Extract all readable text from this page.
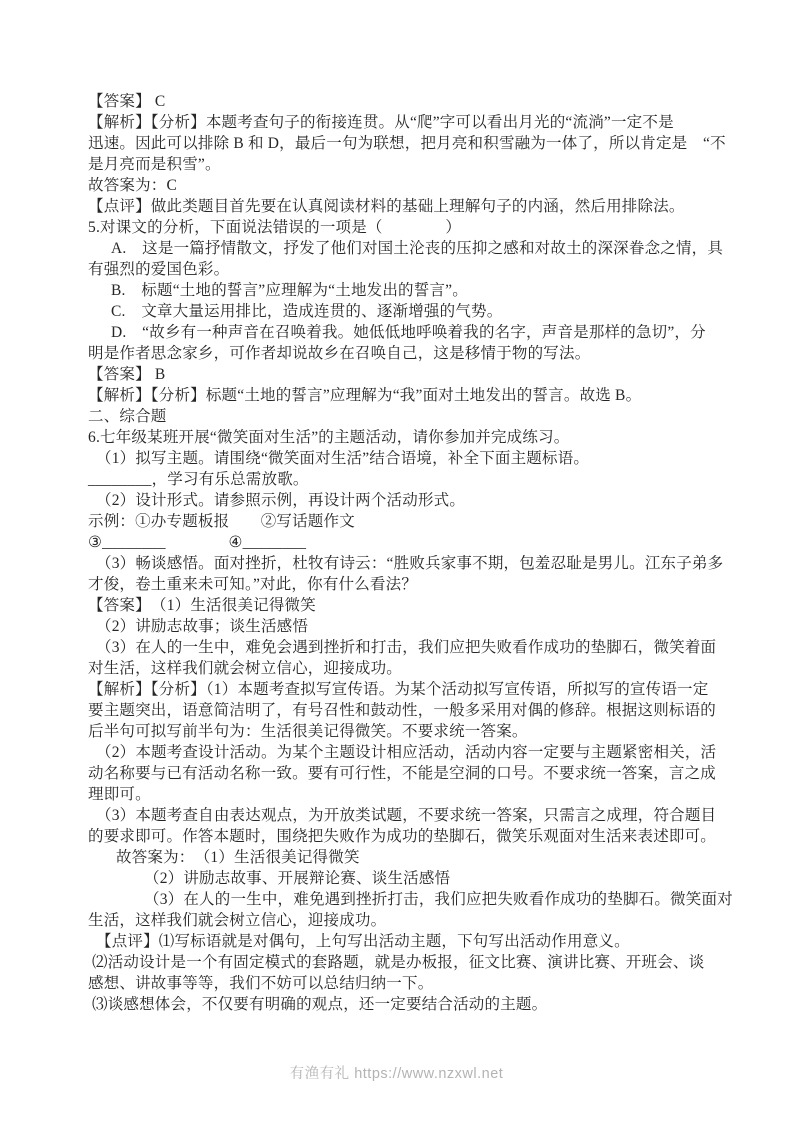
【答案】 C
【解析】【分析】本题考查句子的衔接连贯。从“爬”字可以看出月光的“流淌”一定不是
迅速。因此可以排除 B 和 D，最后一句为联想，把月亮和积雪融为一体了，所以肯定是　“不
是月亮而是积雪”。
故答案为：C
【点评】做此类题目首先要在认真阅读材料的基础上理解句子的内涵，然后用排除法。
5.对课文的分析，下面说法错误的一项是（　　　　）
A.　这是一篇抒情散文，抒发了他们对国土沦丧的压抑之感和对故土的深深眷念之情，具
有强烈的爱国色彩。
B.　标题“土地的誓言”应理解为“土地发出的誓言”。
C.　文章大量运用排比，造成连贯的、逐渐增强的气势。
D.　“故乡有一种声音在召唤着我。她低低地呼唤着我的名字，声音是那样的急切”，分
明是作者思念家乡，可作者却说故乡在召唤自己，这是移情于物的写法。
【答案】 B
【解析】【分析】标题“土地的誓言”应理解为“我”面对土地发出的誓言。故选 B。
二、综合题
6.七年级某班开展“微笑面对生活”的主题活动，请你参加并完成练习。
（1）拟写主题。请围绕“微笑面对生活”结合语境，补全下面主题标语。
________，学习有乐总需放歌。
（2）设计形式。请参照示例，再设计两个活动形式。
示例：①办专题板报　　②写话题作文
③________　　　　④________
（3）畅谈感悟。面对挫折，杜牧有诗云：“胜败兵家事不期，包羞忍耻是男儿。江东子弟多
才俊，卷土重来未可知。”对此，你有什么看法？
【答案】　（1）生活很美记得微笑
（2）讲励志故事；谈生活感悟
（3）在人的一生中，难免会遇到挫折和打击，我们应把失败看作成功的垫脚石，微笑着面
对生活，这样我们就会树立信心，迎接成功。
【解析】【分析】（1）本题考查拟写宣传语。为某个活动拟写宣传语，所拟写的宣传语一定
要主题突出，语意简洁明了，有号召性和鼓动性，一般多采用对偶的修辞。根据这则标语的
后半句可拟写前半句为：生活很美记得微笑。不要求统一答案。
（2）本题考查设计活动。为某个主题设计相应活动，活动内容一定要与主题紧密相关，活
动名称要与已有活动名称一致。要有可行性，不能是空洞的口号。不要求统一答案，言之成
理即可。
（3）本题考查自由表达观点，为开放类试题，不要求统一答案，只需言之成理，符合题目
的要求即可。作答本题时，围绕把失败作为成功的垫脚石，微笑乐观面对生活来表述即可。
故答案为：　（1）生活很美记得微笑
（2）讲励志故事、开展辩论赛、谈生活感悟
（3）在人的一生中，难免遇到挫折打击，我们应把失败看作成功的垫脚石。微笑面对
生活，这样我们就会树立信心，迎接成功。
【点评】⑴写标语就是对偶句，上句写出活动主题，下句写出活动作用意义。
⑵活动设计是一个有固定模式的套路题，就是办板报，征文比赛、演讲比赛、开班会、谈
感想、讲故事等等，我们不妨可以总结归纳一下。
⑶谈感想体会，不仅要有明确的观点，还一定要结合活动的主题。
有渔有礼 https://www.nzxwl.net
